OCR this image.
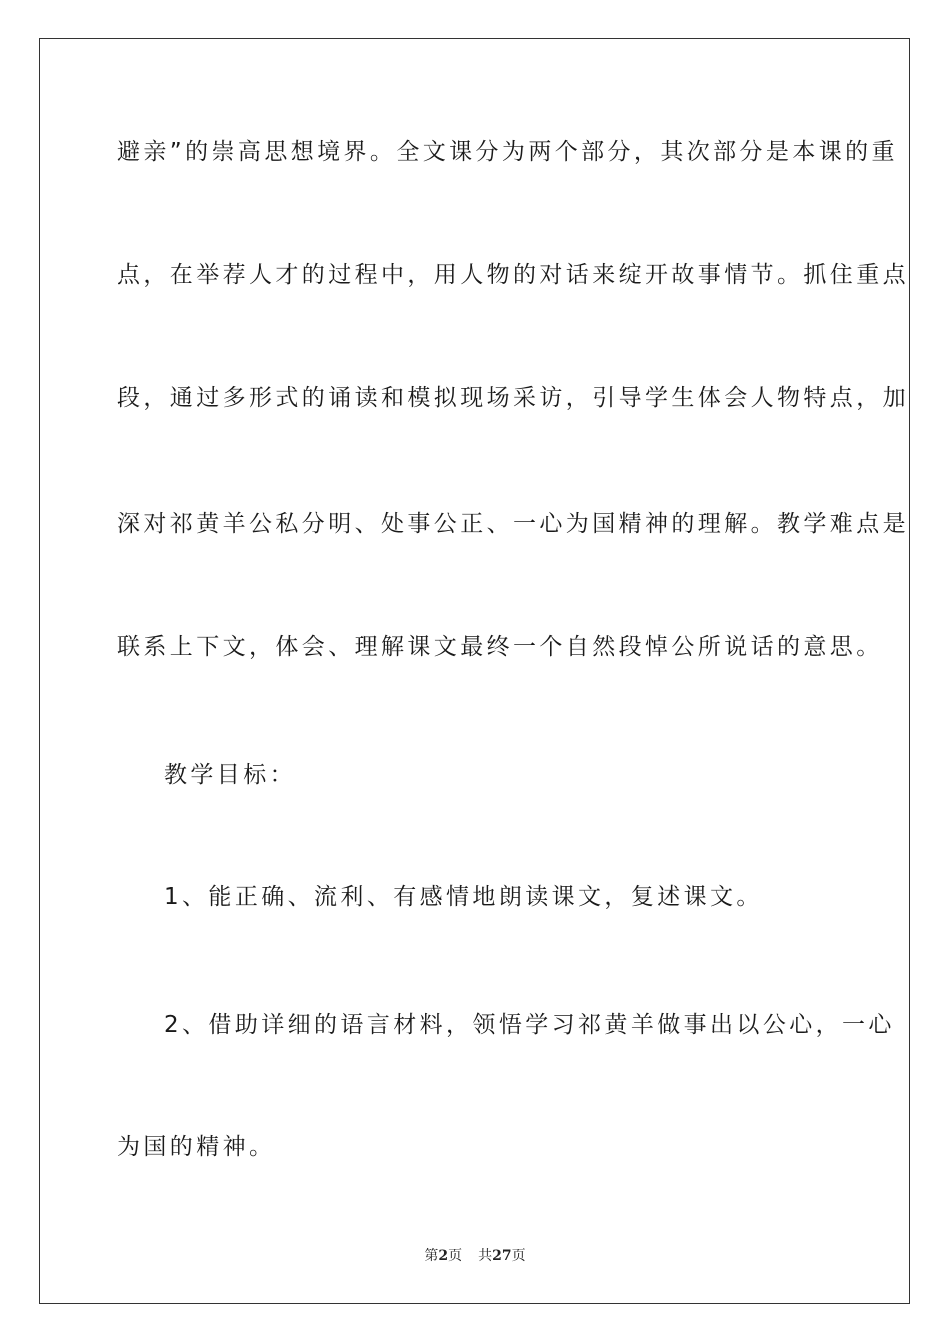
避亲”的崇高思想境界。全文课分为两个部分，其次部分是本课的重
点，在举荐人才的过程中，用人物的对话来绽开故事情节。抓住重点
段，通过多形式的诵读和模拟现场采访，引导学生体会人物特点，加
深对祁黄羊公私分明、处事公正、一心为国精神的理解。教学难点是
联系上下文，体会、理解课文最终一个自然段悼公所说话的意思。
教学目标：
1、能正确、流利、有感情地朗读课文，复述课文。
2、借助详细的语言材料，领悟学习祁黄羊做事出以公心，一心
为国的精神。
第2页 共27页
